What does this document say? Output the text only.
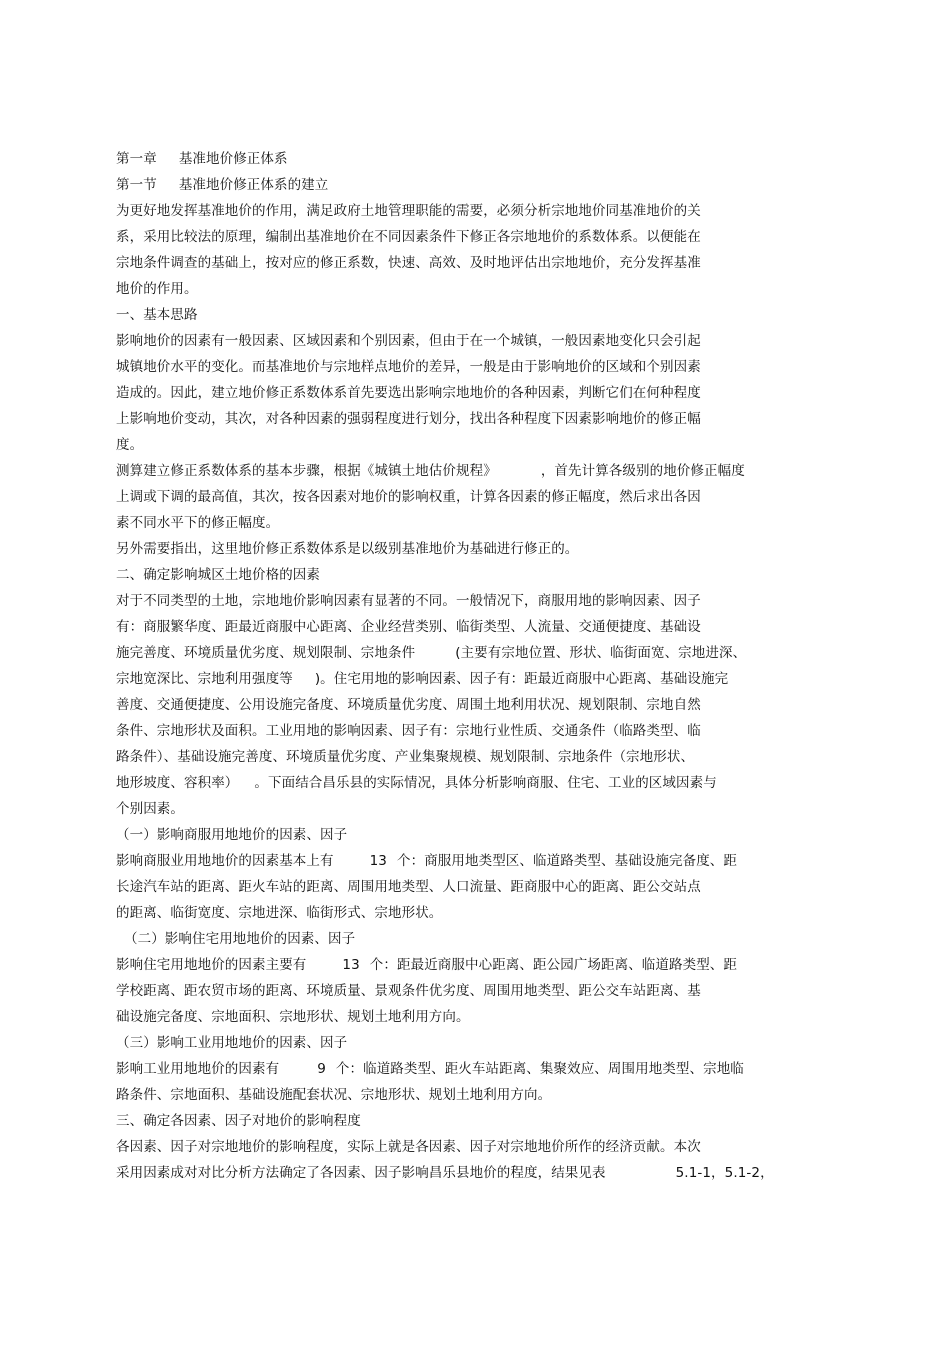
第一章 基准地价修正体系
第一节 基准地价修正体系的建立
为更好地发挥基准地价的作用，满足政府土地管理职能的需要，必须分析宗地地价同基准地价的关
系，采用比较法的原理，编制出基准地价在不同因素条件下修正各宗地地价的系数体系。以便能在
宗地条件调查的基础上，按对应的修正系数，快速、高效、及时地评估出宗地地价，充分发挥基准
地价的作用。
一、基本思路
影响地价的因素有一般因素、区域因素和个别因素，但由于在一个城镇，一般因素地变化只会引起
城镇地价水平的变化。而基准地价与宗地样点地价的差异，一般是由于影响地价的区域和个别因素
造成的。因此，建立地价修正系数体系首先要选出影响宗地地价的各种因素，判断它们在何种程度
上影响地价变动，其次，对各种因素的强弱程度进行划分，找出各种程度下因素影响地价的修正幅
度。
测算建立修正系数体系的基本步骤，根据《城镇土地估价规程》	，首先计算各级别的地价修正幅度
上调或下调的最高值，其次，按各因素对地价的影响权重，计算各因素的修正幅度，然后求出各因
素不同水平下的修正幅度。
另外需要指出，这里地价修正系数体系是以级别基准地价为基础进行修正的。
二、确定影响城区土地价格的因素
对于不同类型的土地，宗地地价影响因素有显著的不同。一般情况下，商服用地的影响因素、因子
有：商服繁华度、距最近商服中心距离、企业经营类别、临街类型、人流量、交通便捷度、基础设
施完善度、环境质量优劣度、规划限制、宗地条件	(主要有宗地位置、形状、临街面宽、宗地进深、
宗地宽深比、宗地利用强度等 )。住宅用地的影响因素、因子有：距最近商服中心距离、基础设施完
善度、交通便捷度、公用设施完备度、环境质量优劣度、周围土地利用状况、规划限制、宗地自然
条件、宗地形状及面积。工业用地的影响因素、因子有：宗地行业性质、交通条件（临路类型、临
路条件）、基础设施完善度、环境质量优劣度、产业集聚规模、规划限制、宗地条件（宗地形状、
地形坡度、容积率） 。下面结合昌乐县的实际情况，具体分析影响商服、住宅、工业的区域因素与
个别因素。
（一）影响商服用地地价的因素、因子
影响商服业用地地价的因素基本上有	13 个：商服用地类型区、临道路类型、基础设施完备度、距
长途汽车站的距离、距火车站的距离、周围用地类型、人口流量、距商服中心的距离、距公交站点
的距离、临街宽度、宗地进深、临街形式、宗地形状。
（二）影响住宅用地地价的因素、因子
影响住宅用地地价的因素主要有	13 个：距最近商服中心距离、距公园广场距离、临道路类型、距
学校距离、距农贸市场的距离、环境质量、景观条件优劣度、周围用地类型、距公交车站距离、基
础设施完备度、宗地面积、宗地形状、规划土地利用方向。
（三）影响工业用地地价的因素、因子
影响工业用地地价的因素有	9 个：临道路类型、距火车站距离、集聚效应、周围用地类型、宗地临
路条件、宗地面积、基础设施配套状况、宗地形状、规划土地利用方向。
三、确定各因素、因子对地价的影响程度
各因素、因子对宗地地价的影响程度，实际上就是各因素、因子对宗地地价所作的经济贡献。本次
采用因素成对对比分析方法确定了各因素、因子影响昌乐县地价的程度，结果见表	5.1-1，5.1-2，
